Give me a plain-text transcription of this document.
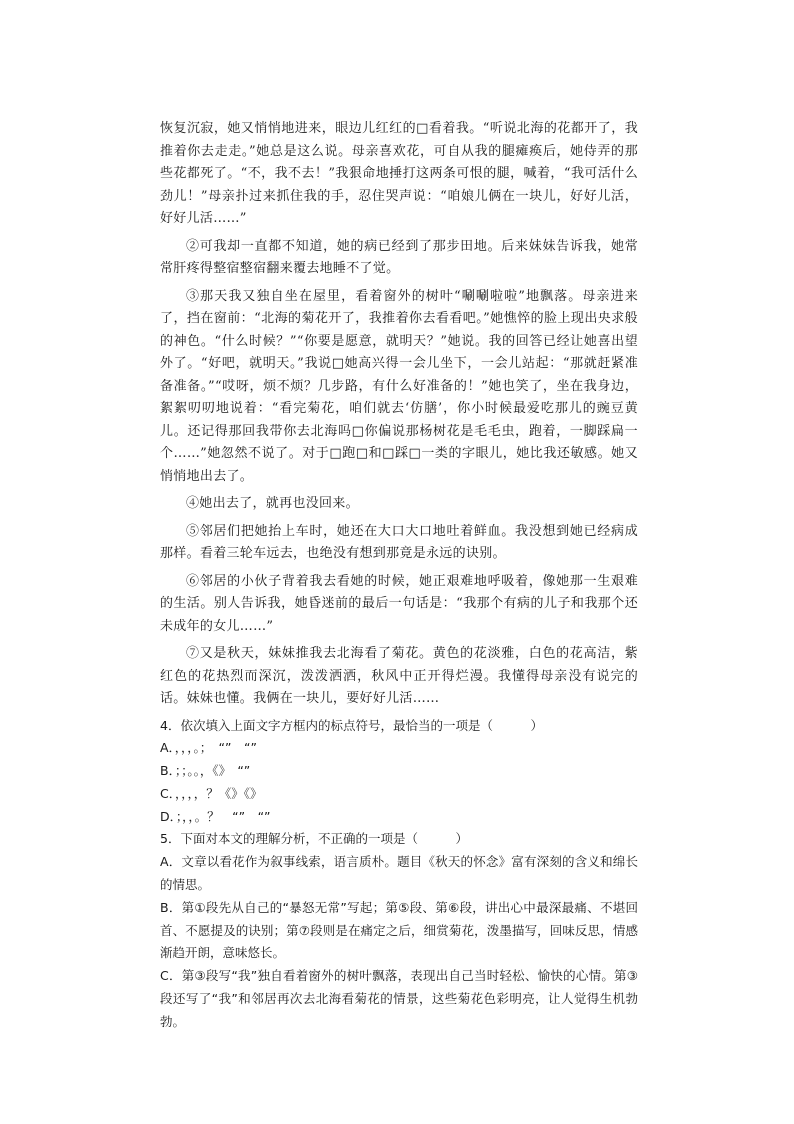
恢复沉寂，她又悄悄地进来，眼边儿红红的□看着我。“听说北海的花都开了，我推着你去走走。”她总是这么说。母亲喜欢花，可自从我的腿瘫痪后，她侍弄的那些花都死了。“不，我不去！”我狠命地捶打这两条可恨的腿，喊着，“我可活什么劲儿！”母亲扑过来抓住我的手，忍住哭声说：“咱娘儿俩在一块儿，好好儿活，好好儿活……”

②可我却一直都不知道，她的病已经到了那步田地。后来妹妹告诉我，她常常肝疼得整宿整宿翻来覆去地睡不了觉。

③那天我又独自坐在屋里，看着窗外的树叶“唰唰啦啦”地飘落。母亲进来了，挡在窗前：“北海的菊花开了，我推着你去看看吧。”她憔悴的脸上现出央求般的神色。“什么时候？”“你要是愿意，就明天？”她说。我的回答已经让她喜出望外了。“好吧，就明天。”我说□她高兴得一会儿坐下，一会儿站起：“那就赶紧准备准备。”“哎呀，烦不烦？几步路，有什么好准备的！”她也笑了，坐在我身边，絮絮叨叨地说着：“看完菊花，咱们就去‘仿膳’，你小时候最爱吃那儿的豌豆黄儿。还记得那回我带你去北海吗□你偏说那杨树花是毛毛虫，跑着，一脚踩扁一个……”她忽然不说了。对于□跑□和□踩□一类的字眼儿，她比我还敏感。她又悄悄地出去了。

④她出去了，就再也没回来。

⑤邻居们把她抬上车时，她还在大口大口地吐着鲜血。我没想到她已经病成那样。看着三轮车远去，也绝没有想到那竟是永远的诀别。

⑥邻居的小伙子背着我去看她的时候，她正艰难地呼吸着，像她那一生艰难的生活。别人告诉我，她昏迷前的最后一句话是：“我那个有病的儿子和我那个还未成年的女儿……”

⑦又是秋天，妹妹推我去北海看了菊花。黄色的花淡雅，白色的花高洁，紫红色的花热烈而深沉，泼泼洒洒，秋风中正开得烂漫。我懂得母亲没有说完的话。妹妹也懂。我俩在一块儿，要好好儿活……

4．依次填入上面文字方框内的标点符号，最恰当的一项是（　　　）

A．，，，。；　“”　“”

B．；；。。，《》　“”

C．，，，，？《》《》

D．；，，。？　“”　“”

5．下面对本文的理解分析，不正确的一项是（　　　）

A．文章以看花作为叙事线索，语言质朴。题目《秋天的怀念》富有深刻的含义和绵长的情思。

B．第①段先从自己的“暴怒无常”写起；第⑤段、第⑥段，讲出心中最深最痛、不堪回首、不愿提及的诀别；第⑦段则是在痛定之后，细赏菊花，泼墨描写，回味反思，情感渐趋开朗，意味悠长。

C．第③段写“我”独自看着窗外的树叶飘落，表现出自己当时轻松、愉快的心情。第③段还写了“我”和邻居再次去北海看菊花的情景，这些菊花色彩明亮，让人觉得生机勃勃。
